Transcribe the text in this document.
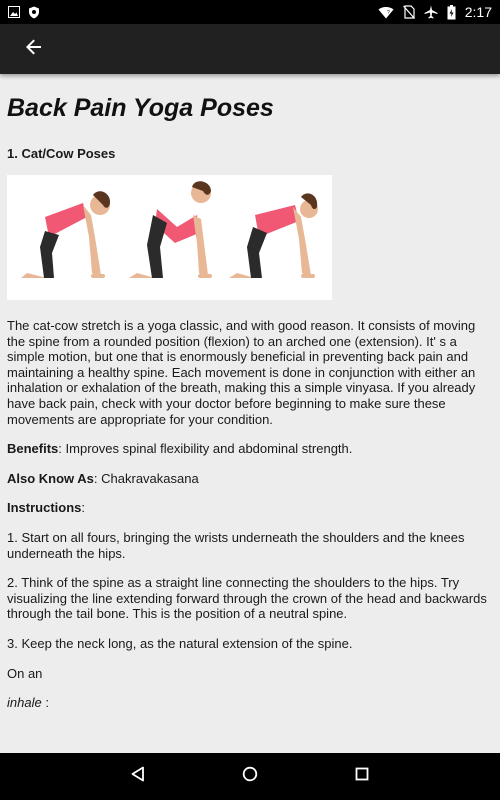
?	2:17
Back Pain Yoga Poses
1. Cat/Cow Poses

The cat-cow stretch is a yoga classic, and with good reason. It consists of moving the spine from a rounded position (flexion) to an arched one (extension). It' s a simple motion, but one that is enormously beneficial in preventing back pain and maintaining a healthy spine. Each movement is done in conjunction with either an inhalation or exhalation of the breath, making this a simple vinyasa. If you already have back pain, check with your doctor before beginning to make sure these movements are appropriate for your condition.

Benefits: Improves spinal flexibility and abdominal strength.

Also Know As: Chakravakasana

Instructions:

1. Start on all fours, bringing the wrists underneath the shoulders and the knees underneath the hips.

2. Think of the spine as a straight line connecting the shoulders to the hips. Try visualizing the line extending forward through the crown of the head and backwards through the tail bone. This is the position of a neutral spine.

3. Keep the neck long, as the natural extension of the spine.

On an

inhale :
